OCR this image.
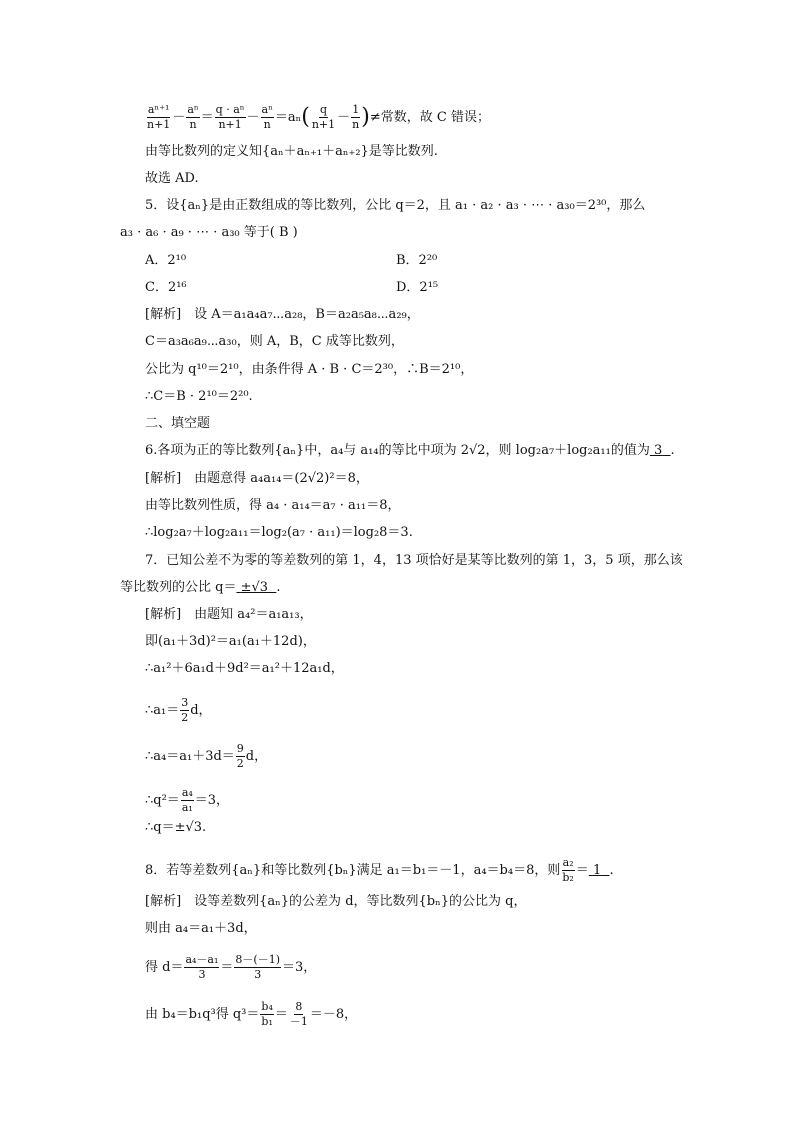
$\frac{\text{aⁿ⁺¹}}{n+1} - \frac{\text{aⁿ}}{n} = \frac{\text{q · aⁿ}}{n+1} - \frac{\text{aⁿ}}{n} =a_n( \frac{q}{n+1} - \frac{1}{n}$ )≠常数，故 C 错误；
由等比数列的定义知{aₙ＋aₙ₊₁＋aₙ₊₂}是等比数列.
故选 AD.
5．设{aₙ}是由正数组成的等比数列，公比 q＝2，且 a₁ · a₂ · a₃ · ⋯ · a₃₀＝2³⁰，那么
a₃ · a₆ · a₉ · ⋯ · a₃₀ 等于( B )
A．2¹⁰	B．2²⁰
C．2¹⁶	D．2¹⁵
[解析]　设 A＝a₁a₄a₇⋯a₂₈，B＝a₂a₅a₈⋯a₂₉，
C＝a₃a₆a₉⋯a₃₀，则 A，B，C 成等比数列，
公比为 q¹⁰＝2¹⁰，由条件得 A · B · C＝2³⁰，∴B＝2¹⁰，
∴C＝B · 2¹⁰＝2²⁰.
二、填空题
6.各项为正的等比数列{aₙ}中，a₄与 a₁₄的等比中项为 2√2，则 log₂a₇＋log₂a₁₁的值为 3 .
[解析]　由题意得 a₄a₁₄＝(2√2)²＝8，
由等比数列性质，得 a₄ · a₁₄＝a₇ · a₁₁＝8，
∴log₂a₇＋log₂a₁₁＝log₂(a₇ · a₁₁)＝log₂8＝3.
7．已知公差不为零的等差数列的第 1，4，13 项恰好是某等比数列的第 1，3，5 项，那么该
等比数列的公比 q＝ ±√3 .
[解析]　由题知 a₄²＝a₁a₁₃，
即(a₁＋3d)²＝a₁(a₁＋12d)，
∴a₁²＋6a₁d＋9d²＝a₁²＋12a₁d，
∴a₁＝ $\frac{3}{2}$ d，
∴a₄＝a₁＋3d＝ $\frac{9}{2}$ d，
∴q²＝ $\frac{\text{a₄}}{\text{a₁}} =3$，
∴q＝±√3.
8．若等差数列{aₙ}和等比数列{bₙ}满足 a₁＝b₁＝－1，a₄＝b₄＝8，则 $\frac{\text{a₂}}{\text{b₂}} = 1$ .
[解析]　设等差数列{aₙ}的公差为 d，等比数列{bₙ}的公比为 q，
则由 a₄＝a₁＋3d，
得 $d= \frac{\text{a₄－a₁}}{3} = \frac{8-(-1)}{3} =3$，
由 b₄＝b₁q³得 $q^3= \frac{\text{b₄}}{\text{b₁}} = \frac{8}{-1} =-8$，
